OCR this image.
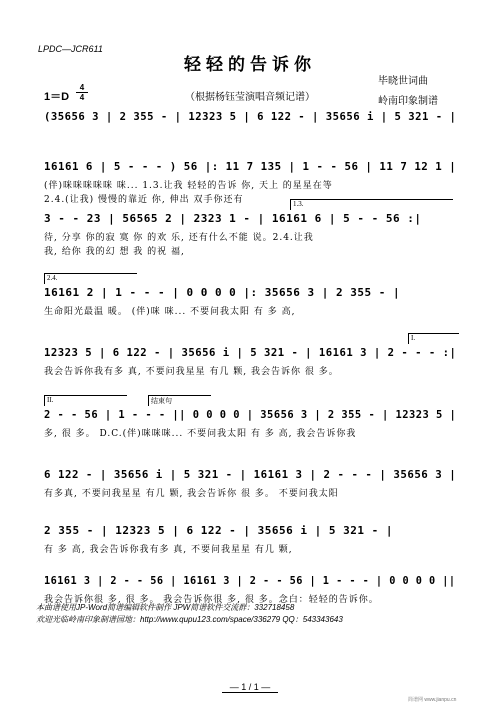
LPDC—JCR611
轻轻的告诉你
（根据杨钰莹演唱音频记谱）
毕晓世词曲
岭南印象制谱
1＝D
4
4
(35656 3 | 2 355 - | 12323 5 | 6 122 - | 35656 i | 5 321 - |
16161 6 | 5 - - - ) 56 |: 11 7 135 | 1 - - 56 | 11 7 12 1 |
(伴)咪咪咪咪咪 咪... 1.3.让我 轻轻的告诉 你, 天上 的星星在等
2.4.(让我) 慢慢的靠近 你, 伸出 双手你还有
3 - - 23 | 56565 2 | 2323 1 - | 16161 6 | 5 - - 56 :|
待, 分享 你的寂 寞 你 的欢 乐, 还有什么不能 说。2.4.让我
我, 给你 我的幻 想 我 的祝 福,
1.3.
16161 2 | 1 - - - | 0 0 0 0 |: 35656 3 | 2 355 - |
生命阳光最温 暖。 (伴)咪 咪... 不要问我太阳 有 多 高,
2.4.
12323 5 | 6 122 - | 35656 i | 5 321 - | 16161 3 | 2 - - - :|
我会告诉你我有多 真, 不要问我星星 有几 颗, 我会告诉你 很 多。
I.
2 - - 56 | 1 - - - || 0 0 0 0 | 35656 3 | 2 355 - | 12323 5 |
多, 很 多。 D.C.(伴)咪咪咪... 不要问我太阳 有 多 高, 我会告诉你我
II.	结束句
6 122 - | 35656 i | 5 321 - | 16161 3 | 2 - - - | 35656 3 |
有多真, 不要问我星星 有几 颗, 我会告诉你 很 多。 不要问我太阳
2 355 - | 12323 5 | 6 122 - | 35656 i | 5 321 - |
有 多 高, 我会告诉你我有多 真, 不要问我星星 有几 颗,
16161 3 | 2 - - 56 | 16161 3 | 2 - - 56 | 1 - - - | 0 0 0 0 ||
我会告诉你很 多, 很 多。 我会告诉你很 多, 很 多。念白：轻轻的告诉你。
本曲谱使用JP-Word简谱编辑软件制作 JPW简谱软件交流群：332718458
欢迎光临岭南印象制谱园地：http://www.qupu123.com/space/336279 QQ：543343643
— 1 / 1 —
简谱网 www.jianpu.cn
